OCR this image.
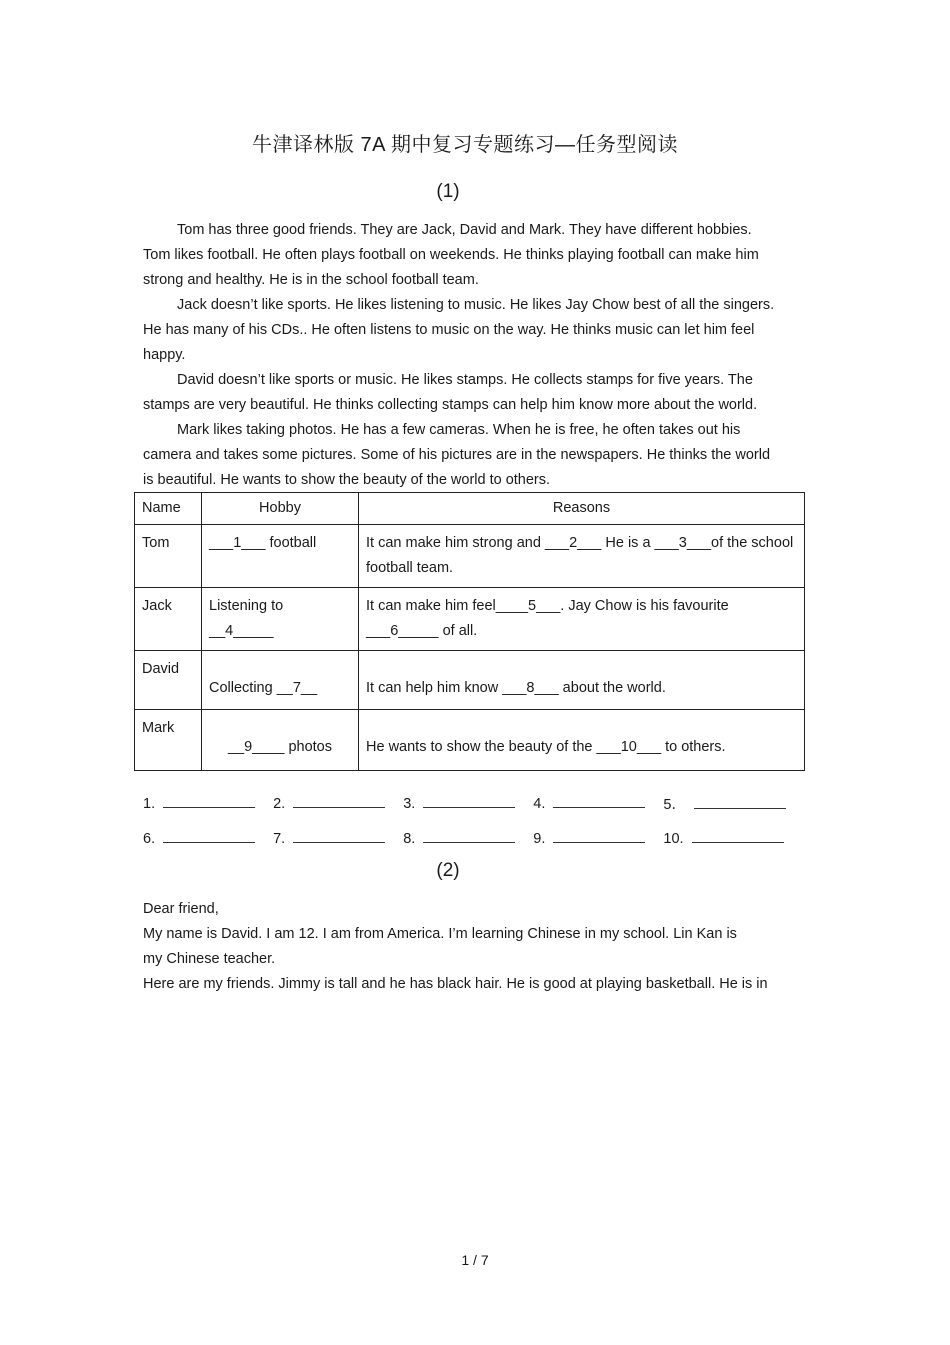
牛津译林版 7A 期中复习专题练习—任务型阅读
(1)
Tom has three good friends. They are Jack, David and Mark. They have different hobbies.
Tom likes football. He often plays football on weekends. He thinks playing football can make him
strong and healthy. He is in the school football team.
Jack doesn’t like sports. He likes listening to music. He likes Jay Chow best of all the singers.
He has many of his CDs.. He often listens to music on the way. He thinks music can let him feel
happy.
David doesn’t like sports or music. He likes stamps. He collects stamps for five years. The
stamps are very beautiful. He thinks collecting stamps can help him know more about the world.
Mark likes taking photos. He has a few cameras. When he is free, he often takes out his
camera and takes some pictures. Some of his pictures are in the newspapers. He thinks the world
is beautiful. He wants to show the beauty of the world to others.
Name	Hobby	Reasons
Tom	___1___ football	It can make him strong and ___2___ He is a ___3___of the school football team.
Jack	Listening to __4_____	It can make him feel____5___. Jay Chow is his favourite ___6_____ of all.
David	Collecting __7__	It can help him know ___8___ about the world.
Mark	__9____ photos	He wants to show the beauty of the ___10___ to others.
1.	2.	3.	4.	5．
6.	7.	8.	9.	10.
(2)
Dear friend,
My name is David. I am 12. I am from America. I’m learning Chinese in my school. Lin Kan is
my Chinese teacher.
Here are my friends. Jimmy is tall and he has black hair. He is good at playing basketball. He is in
1 / 7
